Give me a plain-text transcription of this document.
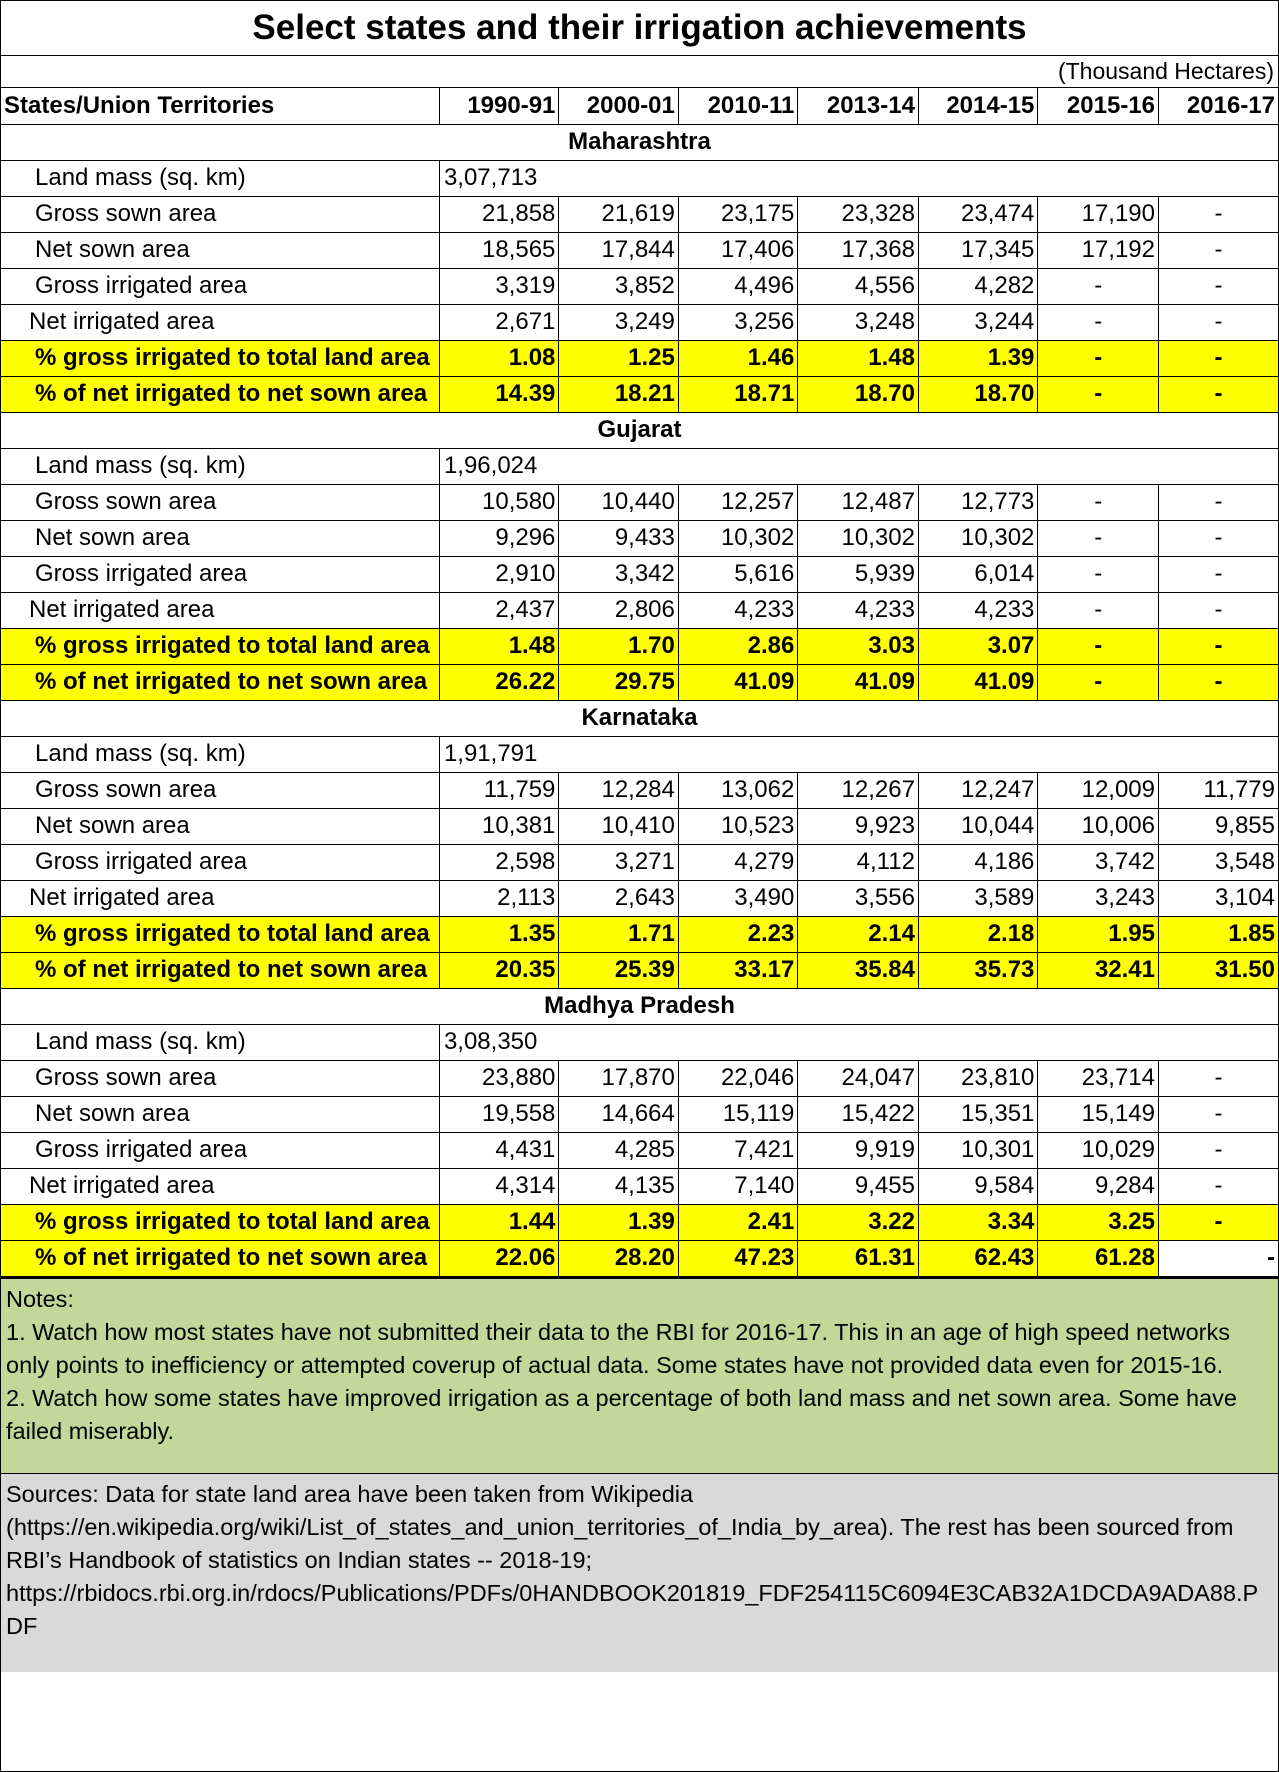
Select states and their irrigation achievements
(Thousand Hectares)
States/Union Territories	1990-91	2000-01	2010-11	2013-14	2014-15	2015-16	2016-17
Maharashtra							
Land mass (sq. km)	3,07,713						
Gross sown area	21,858	21,619	23,175	23,328	23,474	17,190	-
Net sown area	18,565	17,844	17,406	17,368	17,345	17,192	-
Gross irrigated area	3,319	3,852	4,496	4,556	4,282	-	-
Net irrigated area	2,671	3,249	3,256	3,248	3,244	-	-
% gross irrigated to total land area	1.08	1.25	1.46	1.48	1.39	-	-
% of net irrigated to net sown area	14.39	18.21	18.71	18.70	18.70	-	-
Gujarat							
Land mass (sq. km)	1,96,024						
Gross sown area	10,580	10,440	12,257	12,487	12,773	-	-
Net sown area	9,296	9,433	10,302	10,302	10,302	-	-
Gross irrigated area	2,910	3,342	5,616	5,939	6,014	-	-
Net irrigated area	2,437	2,806	4,233	4,233	4,233	-	-
% gross irrigated to total land area	1.48	1.70	2.86	3.03	3.07	-	-
% of net irrigated to net sown area	26.22	29.75	41.09	41.09	41.09	-	-
Karnataka							
Land mass (sq. km)	1,91,791						
Gross sown area	11,759	12,284	13,062	12,267	12,247	12,009	11,779
Net sown area	10,381	10,410	10,523	9,923	10,044	10,006	9,855
Gross irrigated area	2,598	3,271	4,279	4,112	4,186	3,742	3,548
Net irrigated area	2,113	2,643	3,490	3,556	3,589	3,243	3,104
% gross irrigated to total land area	1.35	1.71	2.23	2.14	2.18	1.95	1.85
% of net irrigated to net sown area	20.35	25.39	33.17	35.84	35.73	32.41	31.50
Madhya Pradesh							
Land mass (sq. km)	3,08,350						
Gross sown area	23,880	17,870	22,046	24,047	23,810	23,714	-
Net sown area	19,558	14,664	15,119	15,422	15,351	15,149	-
Gross irrigated area	4,431	4,285	7,421	9,919	10,301	10,029	-
Net irrigated area	4,314	4,135	7,140	9,455	9,584	9,284	-
% gross irrigated to total land area	1.44	1.39	2.41	3.22	3.34	3.25	-
% of net irrigated to net sown area	22.06	28.20	47.23	61.31	62.43	61.28	-
Notes:
1. Watch how most states have not submitted their data to the RBI for 2016-17. This in an age of high speed networks only points to inefficiency or attempted coverup of actual data. Some states have not provided data even for 2015-16.
2. Watch how some states have improved irrigation as a percentage of both land mass and net sown area. Some have failed miserably.
Sources: Data for state land area have been taken from Wikipedia (https://en.wikipedia.org/wiki/List_of_states_and_union_territories_of_India_by_area). The rest has been sourced from RBI’s Handbook of statistics on Indian states -- 2018-19;
https://rbidocs.rbi.org.in/rdocs/Publications/PDFs/0HANDBOOK201819_FDF254115C6094E3CAB32A1DCDA9ADA88.PDF
